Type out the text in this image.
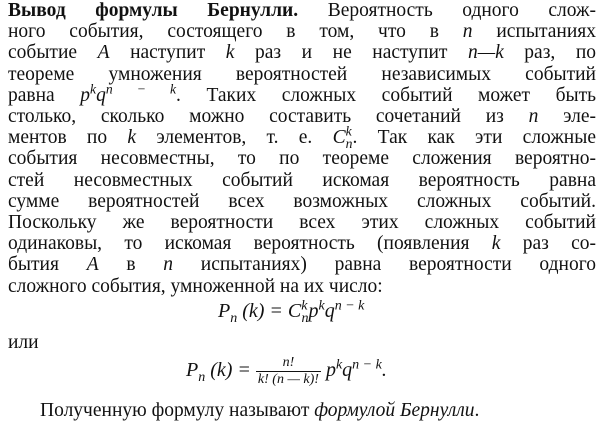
Вывод формулы Бернулли. Вероятность одного слож-
ного события, состоящего в том, что в n испытаниях
событие A наступит k раз и не наступит n—k раз, по
теореме умножения вероятностей независимых событий
равна $p^kq^{n - k}$. Таких сложных событий может быть
столько, сколько можно составить сочетаний из n эле-
ментов по k элементов, т. е. $C^k_n$. Так как эти сложные
события несовместны, то по теореме сложения вероятно-
стей несовместных событий искомая вероятность равна
сумме вероятностей всех возможных сложных событий.
Поскольку же вероятности всех этих сложных событий
одинаковы, то искомая вероятность (появления k раз со-
бытия A в n испытаниях) равна вероятности одного
сложного события, умноженной на их число:

$P_n$ $(k) = C^k_np^kq^{n - k}$
или
$P_n$ $(k) = \frac{n!}{k! (n — k)!} p^kq^{n - k}$.
Полученную формулу называют формулой Бернулли.
